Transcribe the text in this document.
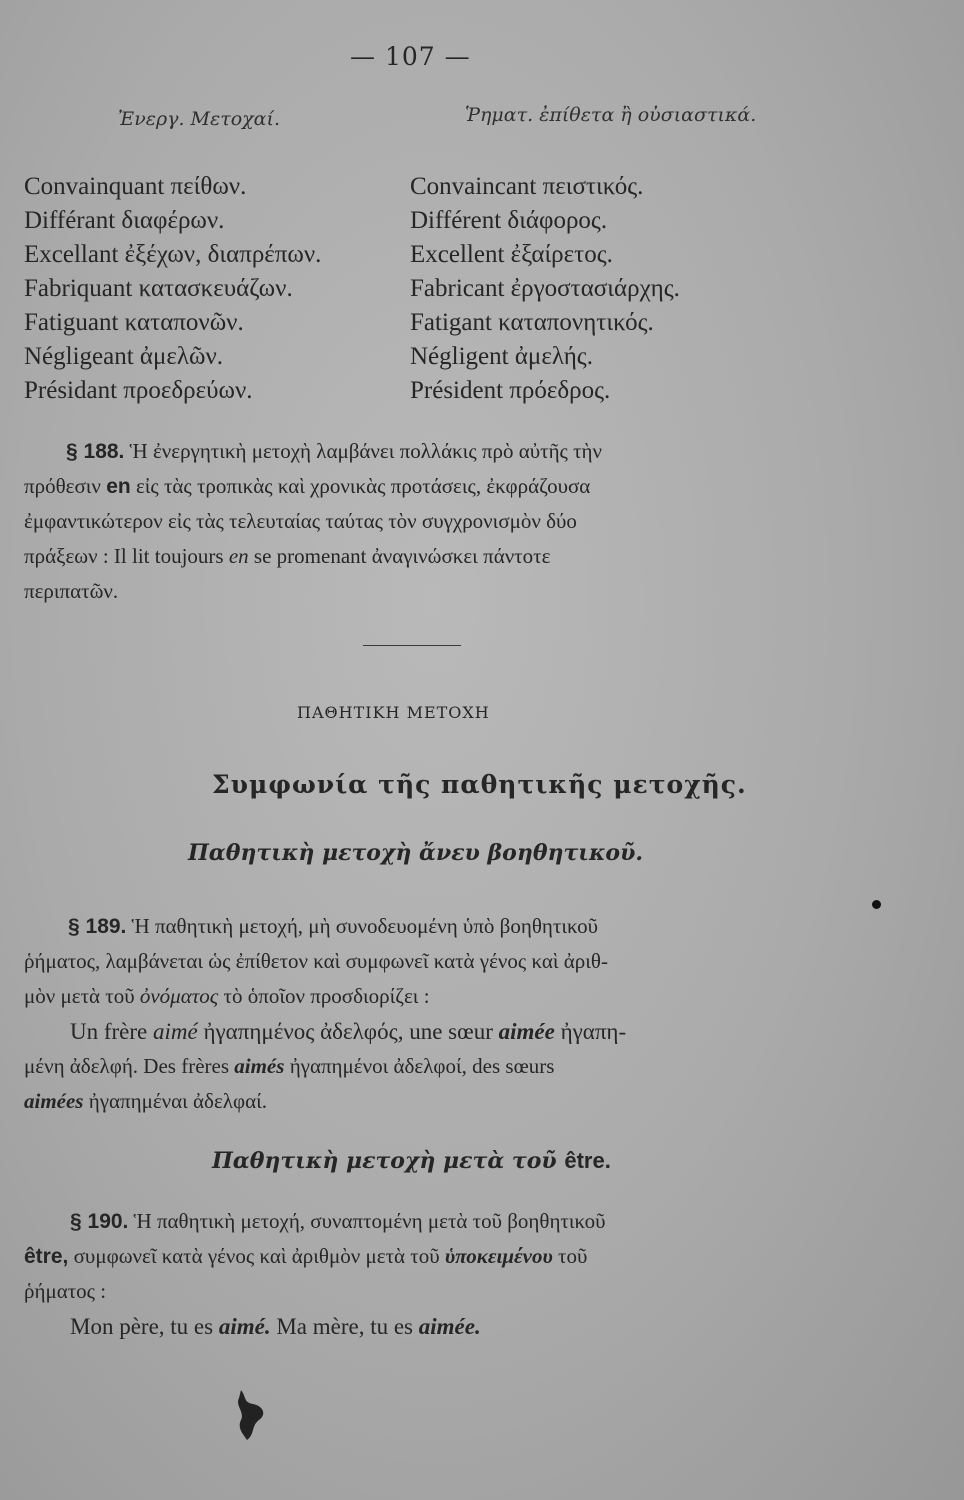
— 107 —
Ἐνεργ. Μετοχαί.	Ῥηματ. ἐπίθετα ἢ οὐσιαστικά.
Convainquant πείθων.
Différant διαφέρων.
Excellant ἐξέχων, διαπρέπων.
Fabriquant κατασκευάζων.
Fatiguant καταπονῶν.
Négligeant ἀμελῶν.
Présidant προεδρεύων.
Convaincant πειστικός.
Différent διάφορος.
Excellent ἐξαίρετος.
Fabricant ἐργοστασιάρχης.
Fatigant καταπονητικός.
Négligent ἀμελής.
Président πρόεδρος.
§ 188. Ἡ ἐνεργητικὴ μετοχὴ λαμβάνει πολλάκις πρὸ αὐτῆς τὴν
πρόθεσιν en εἰς τὰς τροπικὰς καὶ χρονικὰς προτάσεις, ἐκφράζουσα
ἐμφαντικώτερον εἰς τὰς τελευταίας ταύτας τὸν συγχρονισμὸν δύο
πράξεων : Il lit toujours en se promenant ἀναγινώσκει πάντοτε
περιπατῶν.
ΠΑΘΗΤΙΚΗ ΜΕΤΟΧΗ
Συμφωνία τῆς παθητικῆς μετοχῆς.
Παθητικὴ μετοχὴ ἄνευ βοηθητικοῦ.
§ 189. Ἡ παθητικὴ μετοχή, μὴ συνοδευομένη ὑπὸ βοηθητικοῦ
ῥήματος, λαμβάνεται ὡς ἐπίθετον καὶ συμφωνεῖ κατὰ γένος καὶ ἀριθ-
μὸν μετὰ τοῦ ὀνόματος τὸ ὁποῖον προσδιορίζει :
Un frère aimé ἠγαπημένος ἀδελφός, une sœur aimée ἠγαπη-
μένη ἀδελφή. Des frères aimés ἠγαπημένοι ἀδελφοί, des sœurs
aimées ἠγαπημέναι ἀδελφαί.
Παθητικὴ μετοχὴ μετὰ τοῦ être.
§ 190. Ἡ παθητικὴ μετοχή, συναπτομένη μετὰ τοῦ βοηθητικοῦ
être, συμφωνεῖ κατὰ γένος καὶ ἀριθμὸν μετὰ τοῦ ὑποκειμένου τοῦ
ῥήματος :
Mon père, tu es aimé. Ma mère, tu es aimée.
